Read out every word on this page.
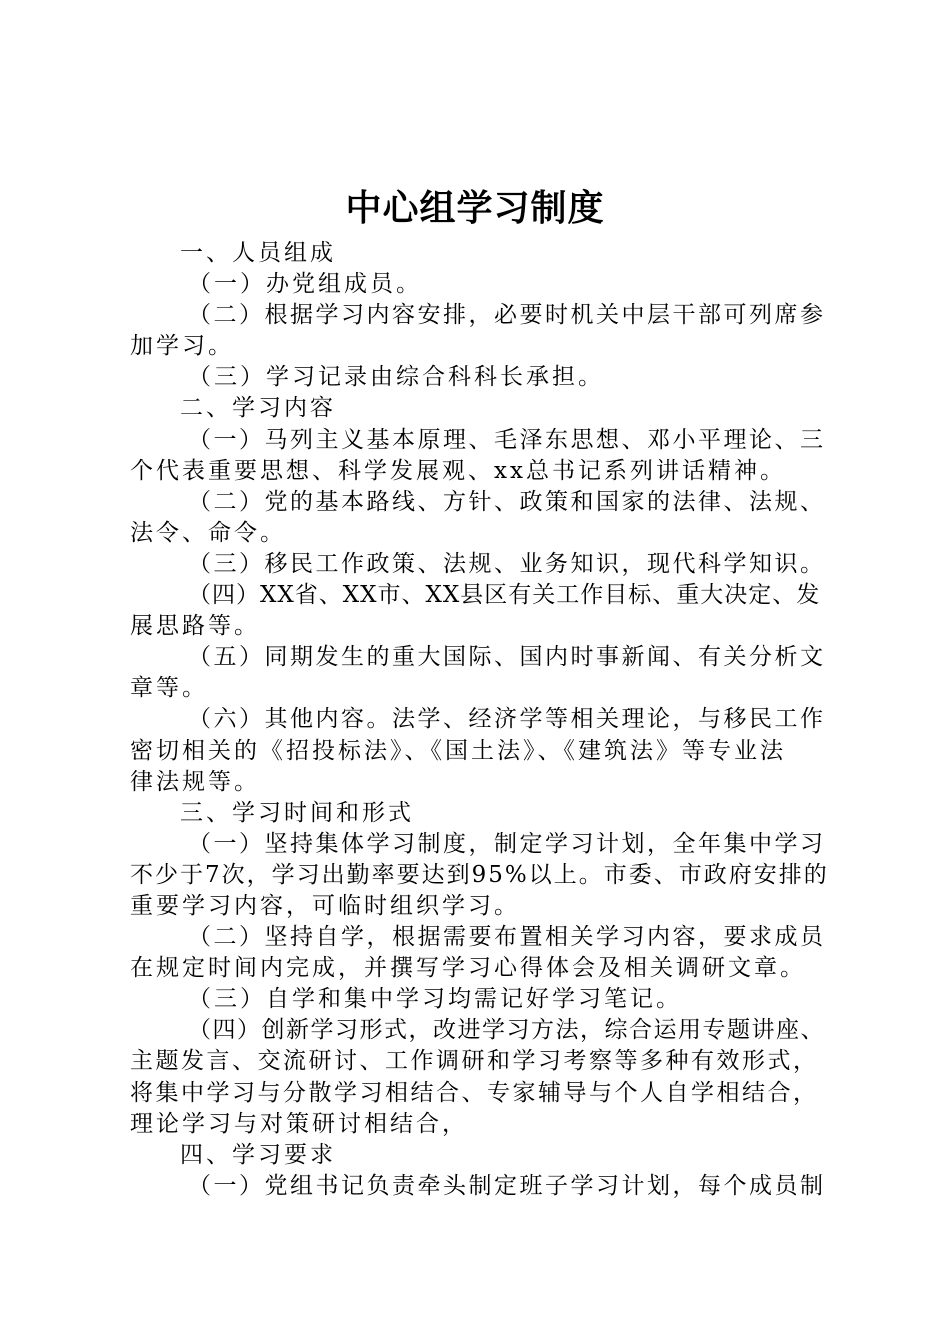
中心组学习制度
一、人员组成
（一）办党组成员。
（二）根据学习内容安排，必要时机关中层干部可列席参
加学习。
（三）学习记录由综合科科长承担。
二、学习内容
（一）马列主义基本原理、毛泽东思想、邓小平理论、三
个代表重要思想、科学发展观、xx总书记系列讲话精神。
（二）党的基本路线、方针、政策和国家的法律、法规、
法令、命令。
（三）移民工作政策、法规、业务知识，现代科学知识。
（四）XX省、XX市、XX县区有关工作目标、重大决定、发
展思路等。
（五）同期发生的重大国际、国内时事新闻、有关分析文
章等。
（六）其他内容。法学、经济学等相关理论，与移民工作
密切相关的《招投标法》、《国土法》、《建筑法》等专业法
律法规等。
三、学习时间和形式
（一）坚持集体学习制度，制定学习计划，全年集中学习
不少于7次，学习出勤率要达到95%以上。市委、市政府安排的
重要学习内容，可临时组织学习。
（二）坚持自学，根据需要布置相关学习内容，要求成员
在规定时间内完成，并撰写学习心得体会及相关调研文章。
（三）自学和集中学习均需记好学习笔记。
（四）创新学习形式，改进学习方法，综合运用专题讲座、
主题发言、交流研讨、工作调研和学习考察等多种有效形式，
将集中学习与分散学习相结合、专家辅导与个人自学相结合，
理论学习与对策研讨相结合，
四、学习要求
（一）党组书记负责牵头制定班子学习计划，每个成员制
